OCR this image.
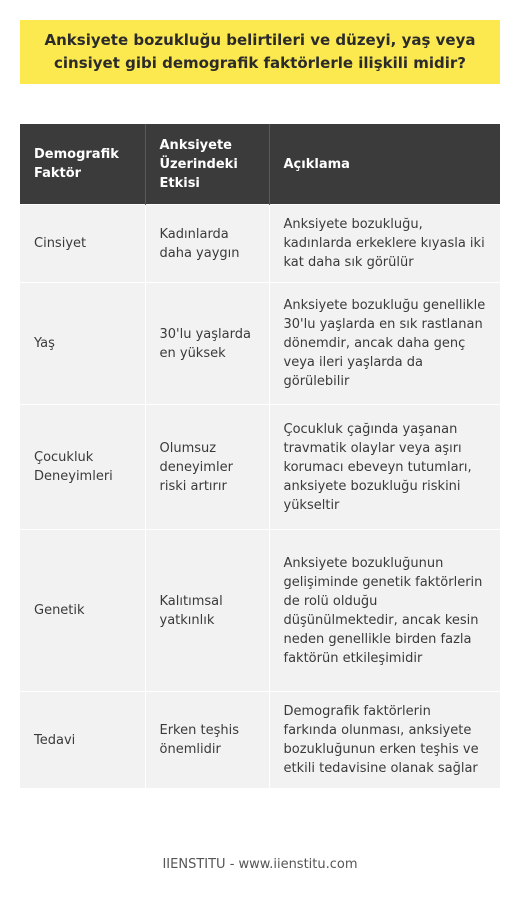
Anksiyete bozukluğu belirtileri ve düzeyi, yaş veya cinsiyet gibi demografik faktörlerle ilişkili midir?
Demografik Faktör	Anksiyete Üzerindeki Etkisi	Açıklama
Cinsiyet	Kadınlarda daha yaygın	Anksiyete bozukluğu, kadınlarda erkeklere kıyasla iki kat daha sık görülür
Yaş	30'lu yaşlarda en yüksek	Anksiyete bozukluğu genellikle 30'lu yaşlarda en sık rastlanan dönemdir, ancak daha genç veya ileri yaşlarda da görülebilir
Çocukluk Deneyimleri	Olumsuz deneyimler riski artırır	Çocukluk çağında yaşanan travmatik olaylar veya aşırı korumacı ebeveyn tutumları, anksiyete bozukluğu riskini yükseltir
Genetik	Kalıtımsal yatkınlık	Anksiyete bozukluğunun gelişiminde genetik faktörlerin de rolü olduğu düşünülmektedir, ancak kesin neden genellikle birden fazla faktörün etkileşimidir
Tedavi	Erken teşhis önemlidir	Demografik faktörlerin farkında olunması, anksiyete bozukluğunun erken teşhis ve etkili tedavisine olanak sağlar
IIENSTITU - www.iienstitu.com
